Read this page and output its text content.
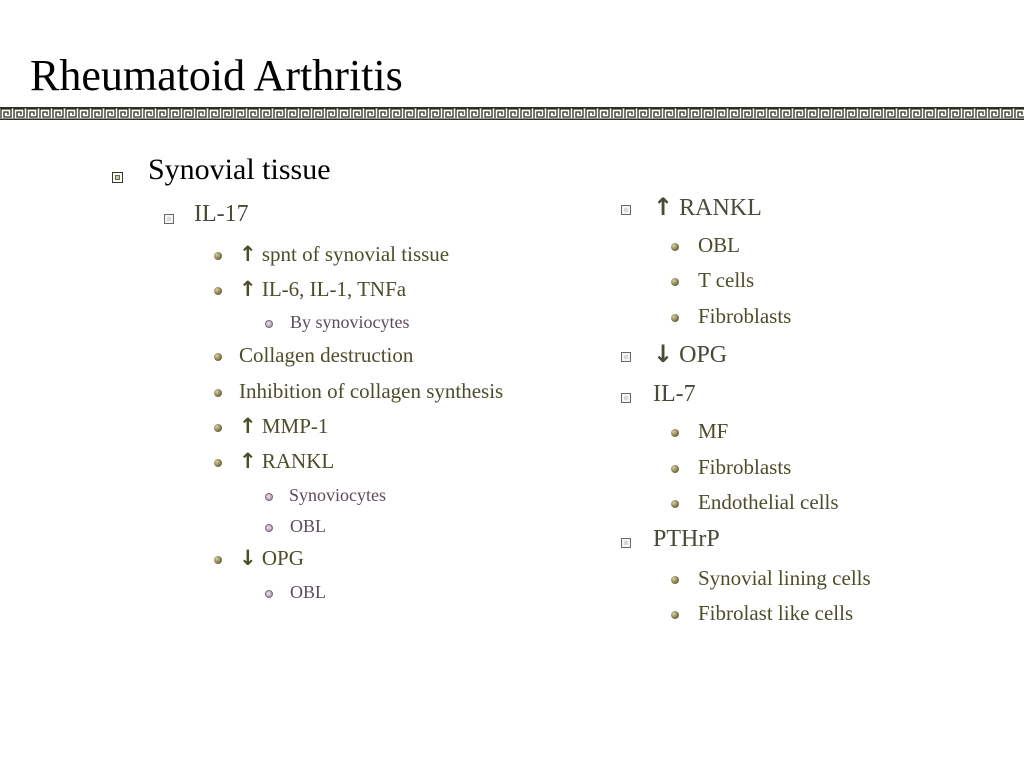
Rheumatoid Arthritis
Synovial tissue
IL-17
↑ spnt of synovial tissue
↑ IL-6, IL-1, TNFa
By synoviocytes
Collagen destruction
Inhibition of collagen synthesis
↑ MMP-1
↑ RANKL
Synoviocytes
OBL
↓ OPG
OBL
↑ RANKL
OBL
T cells
Fibroblasts
↓ OPG
IL-7
MF
Fibroblasts
Endothelial cells
PTHrP
Synovial lining cells
Fibrolast like cells
